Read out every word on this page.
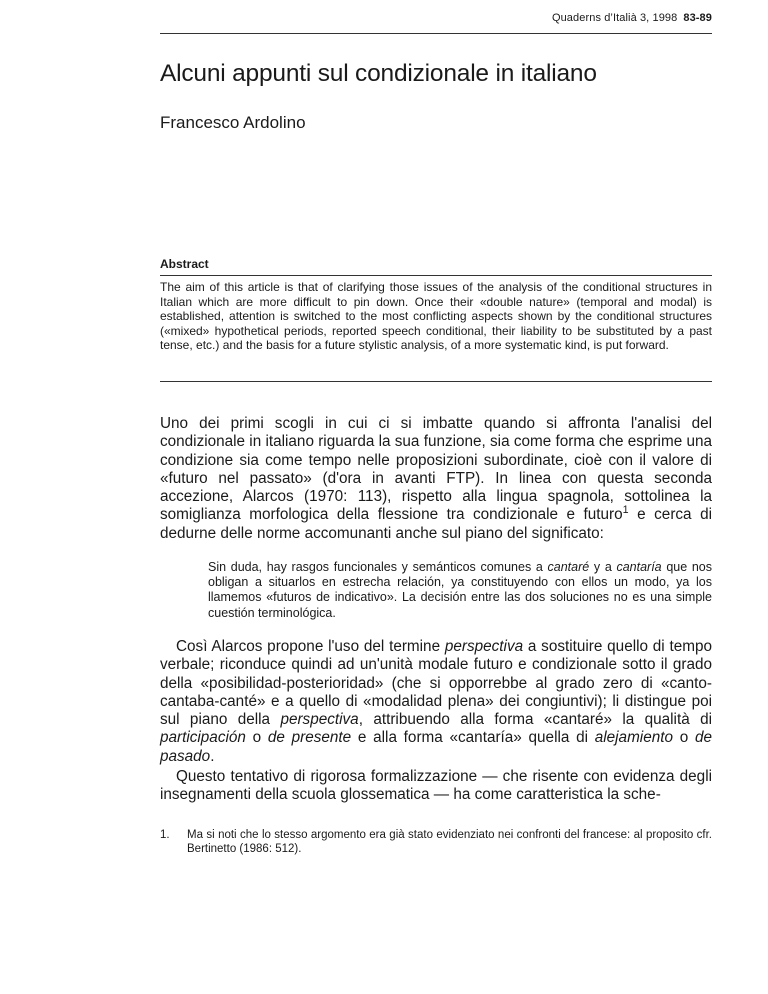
Quaderns d’Italià 3, 1998 83-89
Alcuni appunti sul condizionale in italiano
Francesco Ardolino
Abstract
The aim of this article is that of clarifying those issues of the analysis of the conditional structures in Italian which are more difficult to pin down. Once their «double nature» (temporal and modal) is established, attention is switched to the most conflicting aspects shown by the conditional structures («mixed» hypothetical periods, reported speech conditional, their liability to be substituted by a past tense, etc.) and the basis for a future stylistic analysis, of a more systematic kind, is put forward.

Uno dei primi scogli in cui ci si imbatte quando si affronta l'analisi del condizionale in italiano riguarda la sua funzione, sia come forma che esprime una condizione sia come tempo nelle proposizioni subordinate, cioè con il valore di «futuro nel passato» (d'ora in avanti FTP). In linea con questa seconda accezione, Alarcos (1970: 113), rispetto alla lingua spagnola, sottolinea la somiglianza morfologica della flessione tra condizionale e futuro$^1$ e cerca di dedurne delle norme accomunanti anche sul piano del significato:

Sin duda, hay rasgos funcionales y semánticos comunes a cantaré y a cantaría que nos obligan a situarlos en estrecha relación, ya constituyendo con ellos un modo, ya los llamemos «futuros de indicativo». La decisión entre las dos soluciones no es una simple cuestión terminológica.

Così Alarcos propone l'uso del termine perspectiva a sostituire quello di tempo verbale; riconduce quindi ad un'unità modale futuro e condizionale sotto il grado della «posibilidad-posterioridad» (che si opporrebbe al grado zero di «canto-cantaba-canté» e a quello di «modalidad plena» dei congiuntivi); li distingue poi sul piano della perspectiva, attribuendo alla forma «cantaré» la qualità di participación o de presente e alla forma «cantaría» quella di alejamiento o de pasado.

Questo tentativo di rigorosa formalizzazione — che risente con evidenza degli insegnamenti della scuola glossematica — ha come caratteristica la sche-

1. Ma si noti che lo stesso argomento era già stato evidenziato nei confronti del francese: al proposito cfr. Bertinetto (1986: 512).
